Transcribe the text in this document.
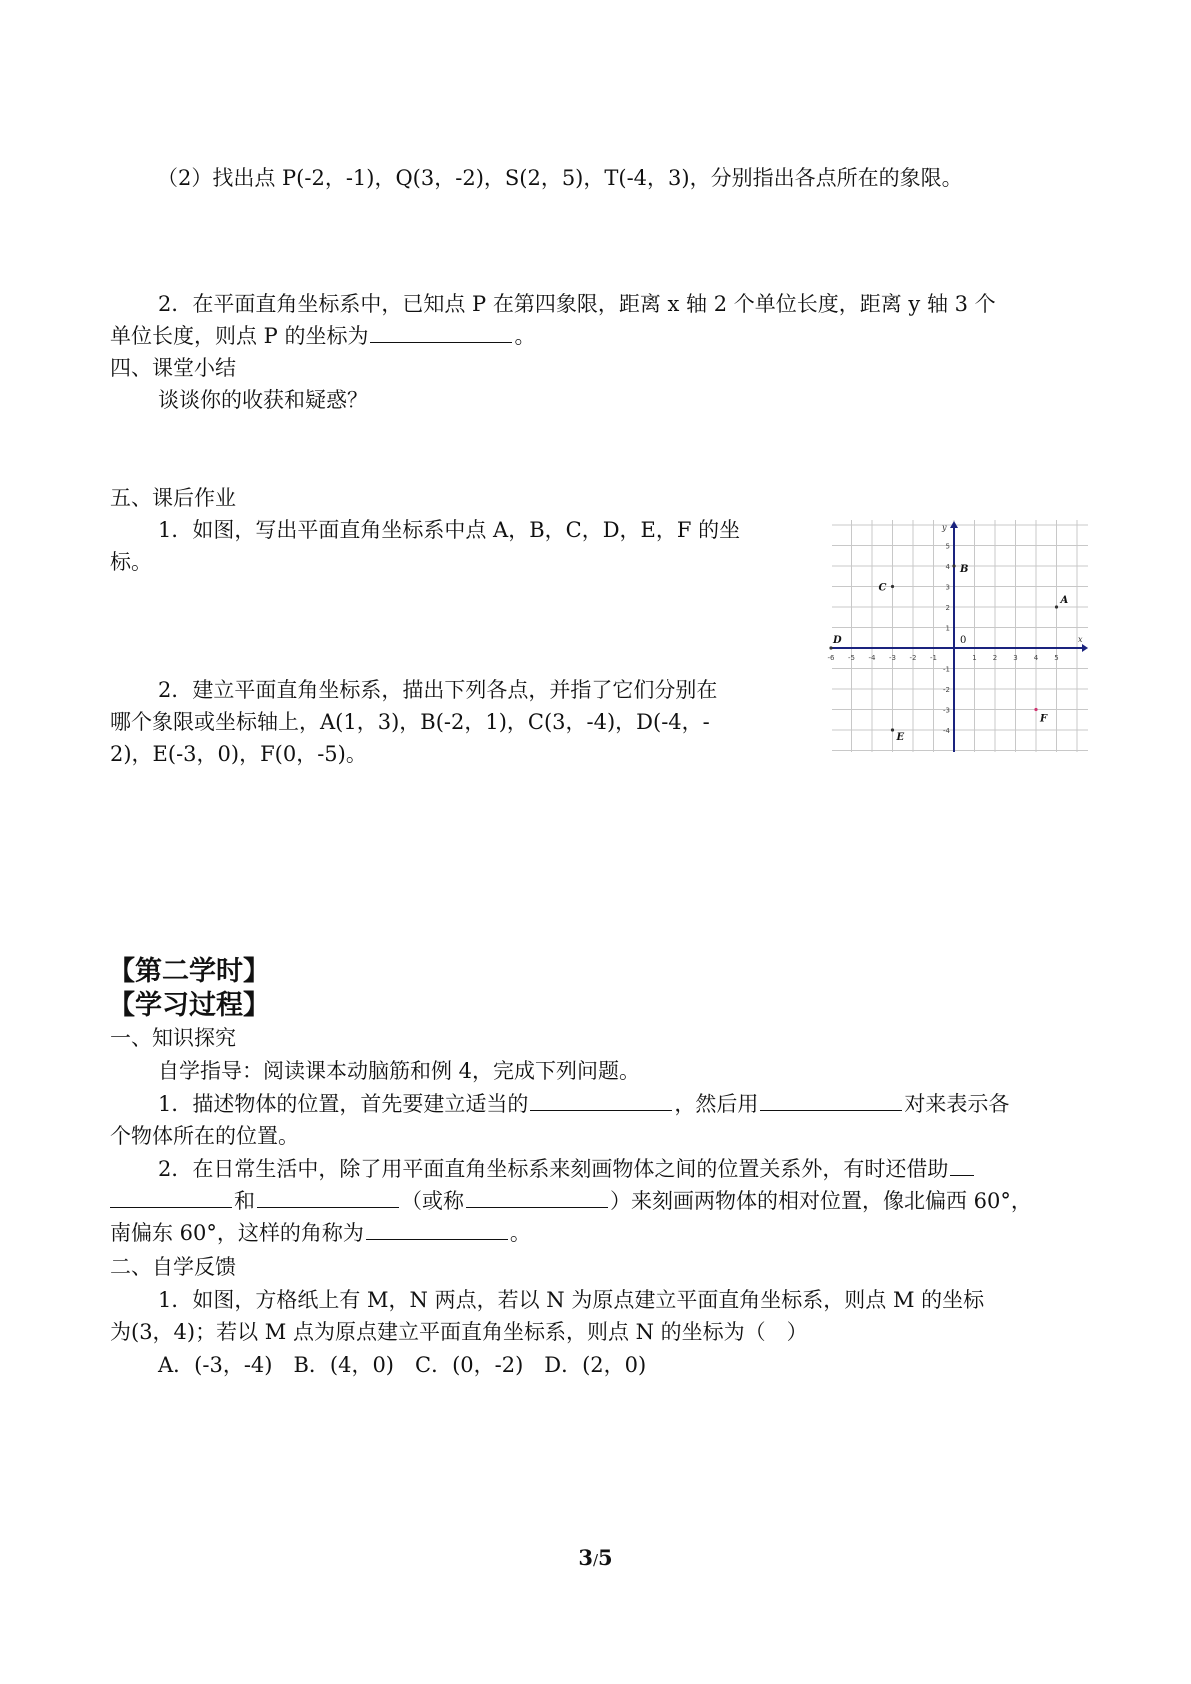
（2）找出点 P(-2，-1)，Q(3，-2)，S(2，5)，T(-4，3)，分别指出各点所在的象限。
2．在平面直角坐标系中，已知点 P 在第四象限，距离 x 轴 2 个单位长度，距离 y 轴 3 个
单位长度，则点 P 的坐标为	。
四、课堂小结
谈谈你的收获和疑惑？
五、课后作业
1．如图，写出平面直角坐标系中点 A，B，C，D，E，F 的坐
标。
2．建立平面直角坐标系，描出下列各点，并指了它们分别在
哪个象限或坐标轴上，A(1，3)，B(-2，1)，C(3，-4)，D(-4，-
2)，E(-3，0)，F(0，-5)。
y
x
0
-6 -5 -4 -3 -2 -1	1 2 3 4 5
5
4
3
2
1
-1
-2
-3
-4
A
B
C
D
E
F
【第二学时】
【学习过程】
一、知识探究
自学指导：阅读课本动脑筋和例 4，完成下列问题。
1．描述物体的位置，首先要建立适当的	，然后用	对来表示各
个物体所在的位置。
2．在日常生活中，除了用平面直角坐标系来刻画物体之间的位置关系外，有时还借助
和	（或称	）来刻画两物体的相对位置，像北偏西 60°，
南偏东 60°，这样的角称为	。
二、自学反馈
1．如图，方格纸上有 M，N 两点，若以 N 为原点建立平面直角坐标系，则点 M 的坐标
为(3，4)；若以 M 点为原点建立平面直角坐标系，则点 N 的坐标为（　）
A．(-3，-4)　B．(4，0)　C．(0，-2)　D．(2，0)
3/5
